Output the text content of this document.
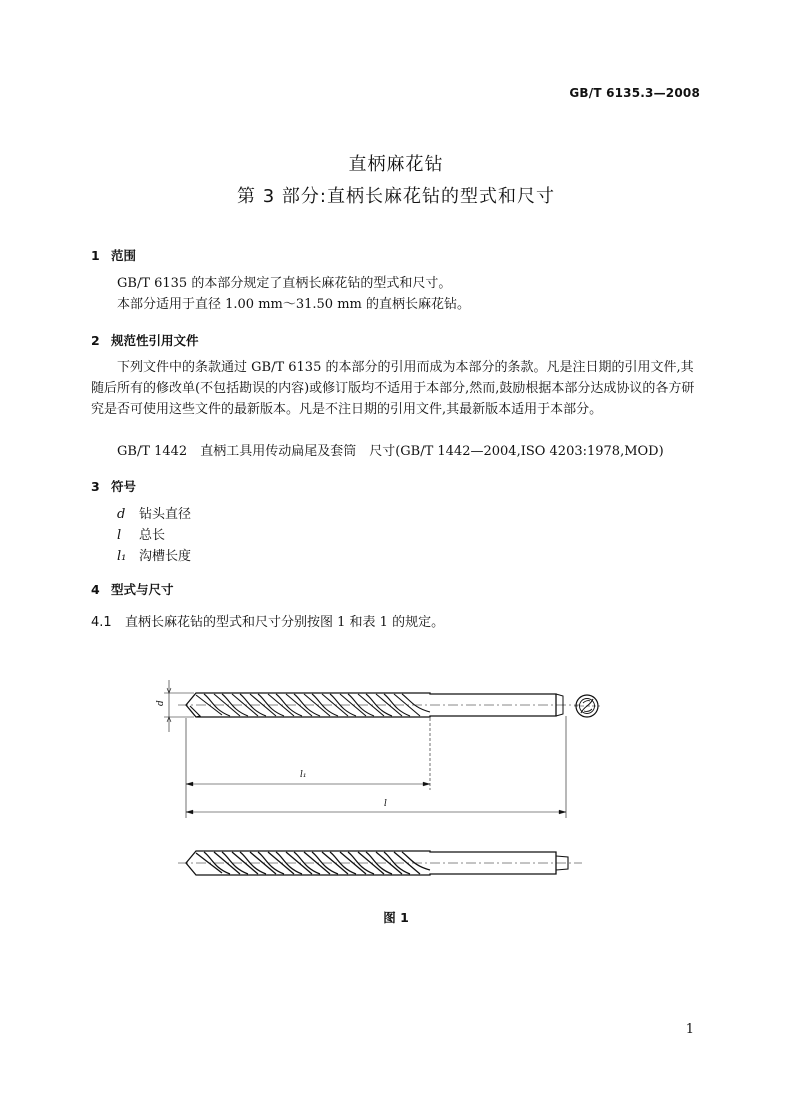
GB/T 6135.3—2008
直柄麻花钻
第 3 部分:直柄长麻花钻的型式和尺寸
1 范围
GB/T 6135 的本部分规定了直柄长麻花钻的型式和尺寸。
本部分适用于直径 1.00 mm～31.50 mm 的直柄长麻花钻。
2 规范性引用文件
下列文件中的条款通过 GB/T 6135 的本部分的引用而成为本部分的条款。凡是注日期的引用文件,其随后所有的修改单(不包括勘误的内容)或修订版均不适用于本部分,然而,鼓励根据本部分达成协议的各方研究是否可使用这些文件的最新版本。凡是不注日期的引用文件,其最新版本适用于本部分。
GB/T 1442　直柄工具用传动扁尾及套筒　尺寸(GB/T 1442—2004,ISO 4203:1978,MOD)
3 符号
d 钻头直径
l 总长
l₁ 沟槽长度
4 型式与尺寸
4.1 直柄长麻花钻的型式和尺寸分别按图 1 和表 1 的规定。
d
l₁
l
图 1
1
